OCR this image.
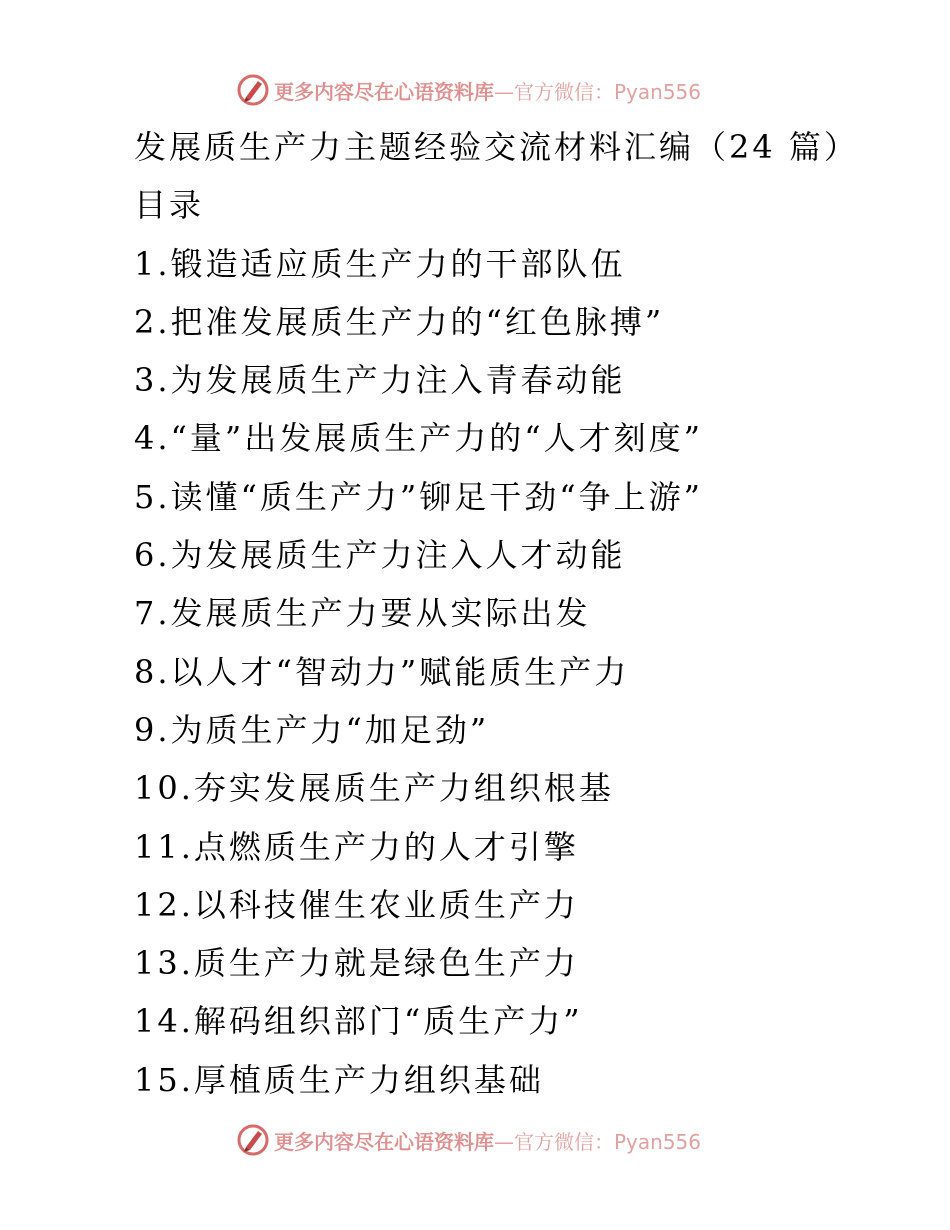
更多内容尽在心语资料库—官方微信：Pyan556
发展质生产力主题经验交流材料汇编（24 篇）
目录
1.锻造适应质生产力的干部队伍
2.把准发展质生产力的“红色脉搏”
3.为发展质生产力注入青春动能
4.“量”出发展质生产力的“人才刻度”
5.读懂“质生产力”铆足干劲“争上游”
6.为发展质生产力注入人才动能
7.发展质生产力要从实际出发
8.以人才“智动力”赋能质生产力
9.为质生产力“加足劲”
10.夯实发展质生产力组织根基
11.点燃质生产力的人才引擎
12.以科技催生农业质生产力
13.质生产力就是绿色生产力
14.解码组织部门“质生产力”
15.厚植质生产力组织基础
更多内容尽在心语资料库—官方微信：Pyan556
